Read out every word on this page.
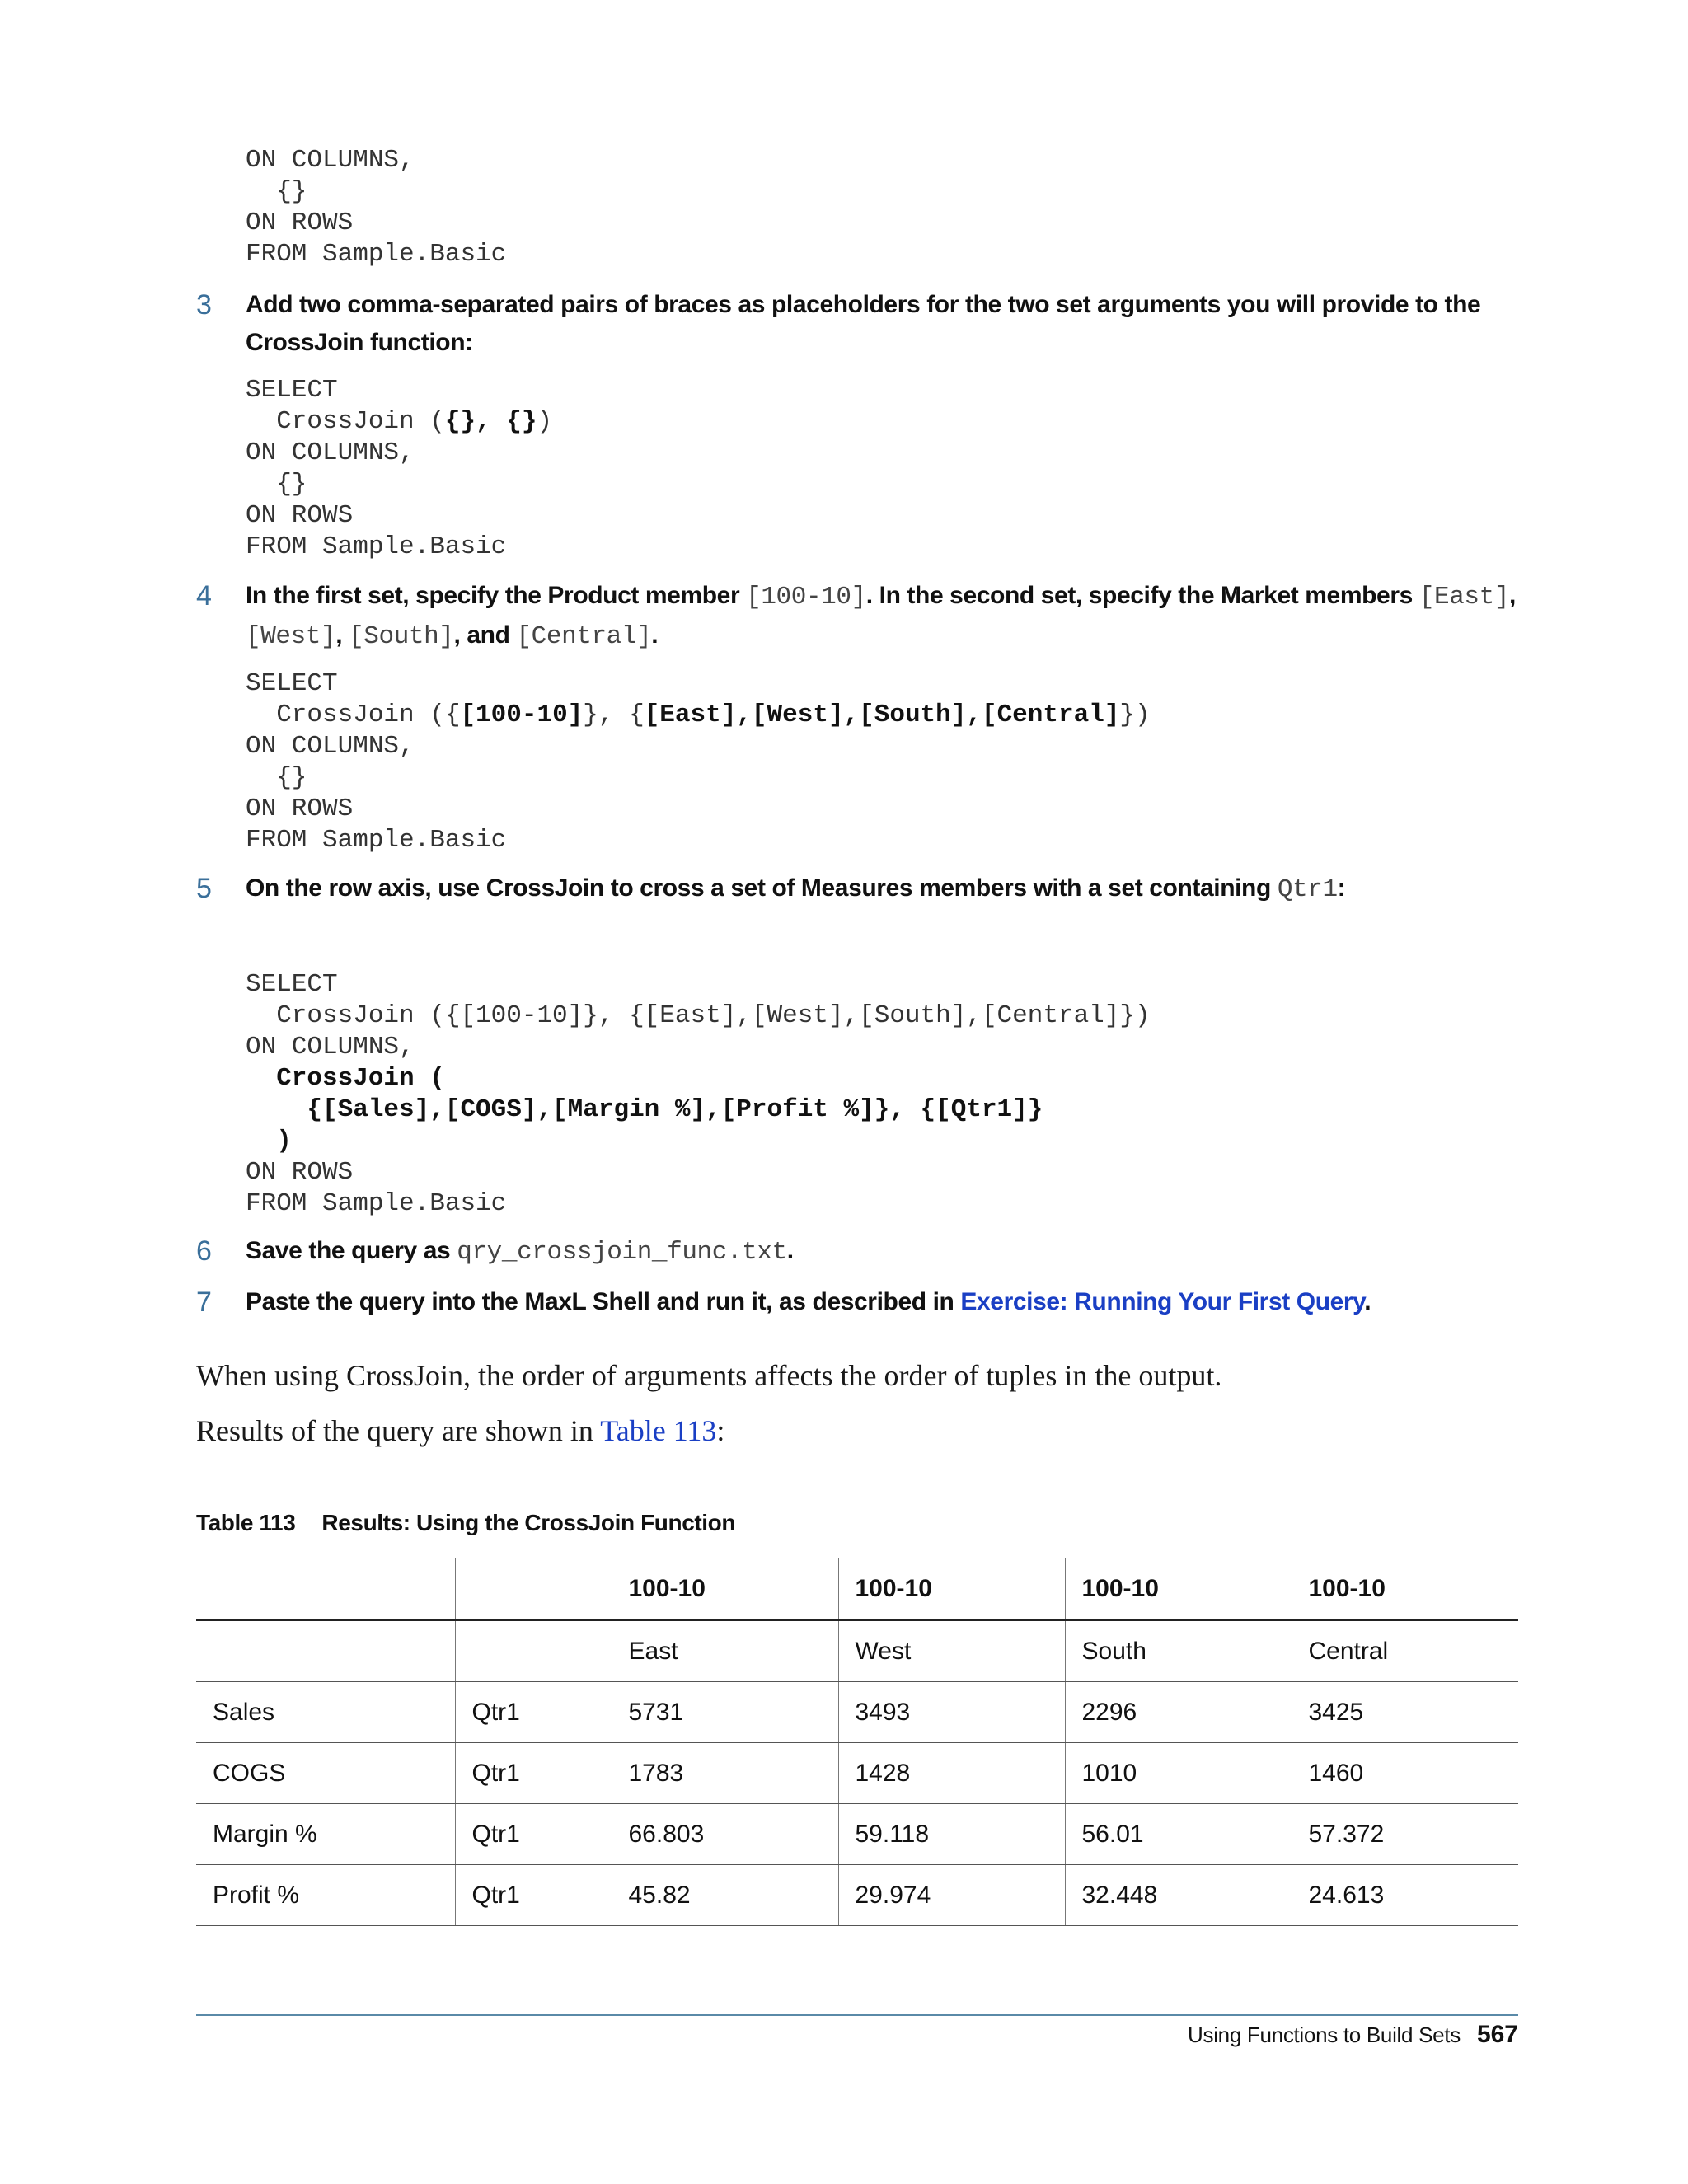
ON COLUMNS,
{}
ON ROWS
FROM Sample.Basic
3 Add two comma-separated pairs of braces as placeholders for the two set arguments you will provide to the CrossJoin function:
SELECT
CrossJoin ({}, {})
ON COLUMNS,
{}
ON ROWS
FROM Sample.Basic
4 In the first set, specify the Product member [100-10]. In the second set, specify the Market members [East], [West], [South], and [Central].
SELECT
CrossJoin ({[100-10]}, {[East],[West],[South],[Central]})
ON COLUMNS,
{}
ON ROWS
FROM Sample.Basic
5 On the row axis, use CrossJoin to cross a set of Measures members with a set containing Qtr1:
SELECT
CrossJoin ({[100-10]}, {[East],[West],[South],[Central]})
ON COLUMNS,
CrossJoin (
{[Sales],[COGS],[Margin %],[Profit %]}, {[Qtr1]}
)
ON ROWS
FROM Sample.Basic
6 Save the query as qry_crossjoin_func.txt.
7 Paste the query into the MaxL Shell and run it, as described in Exercise: Running Your First Query.

When using CrossJoin, the order of arguments affects the order of tuples in the output.

Results of the query are shown in Table 113:

Table 113 Results: Using the CrossJoin Function
		100-10	100-10	100-10	100-10
		East	West	South	Central
Sales	Qtr1	5731	3493	2296	3425
COGS	Qtr1	1783	1428	1010	1460
Margin %	Qtr1	66.803	59.118	56.01	57.372
Profit %	Qtr1	45.82	29.974	32.448	24.613
Using Functions to Build Sets 567
